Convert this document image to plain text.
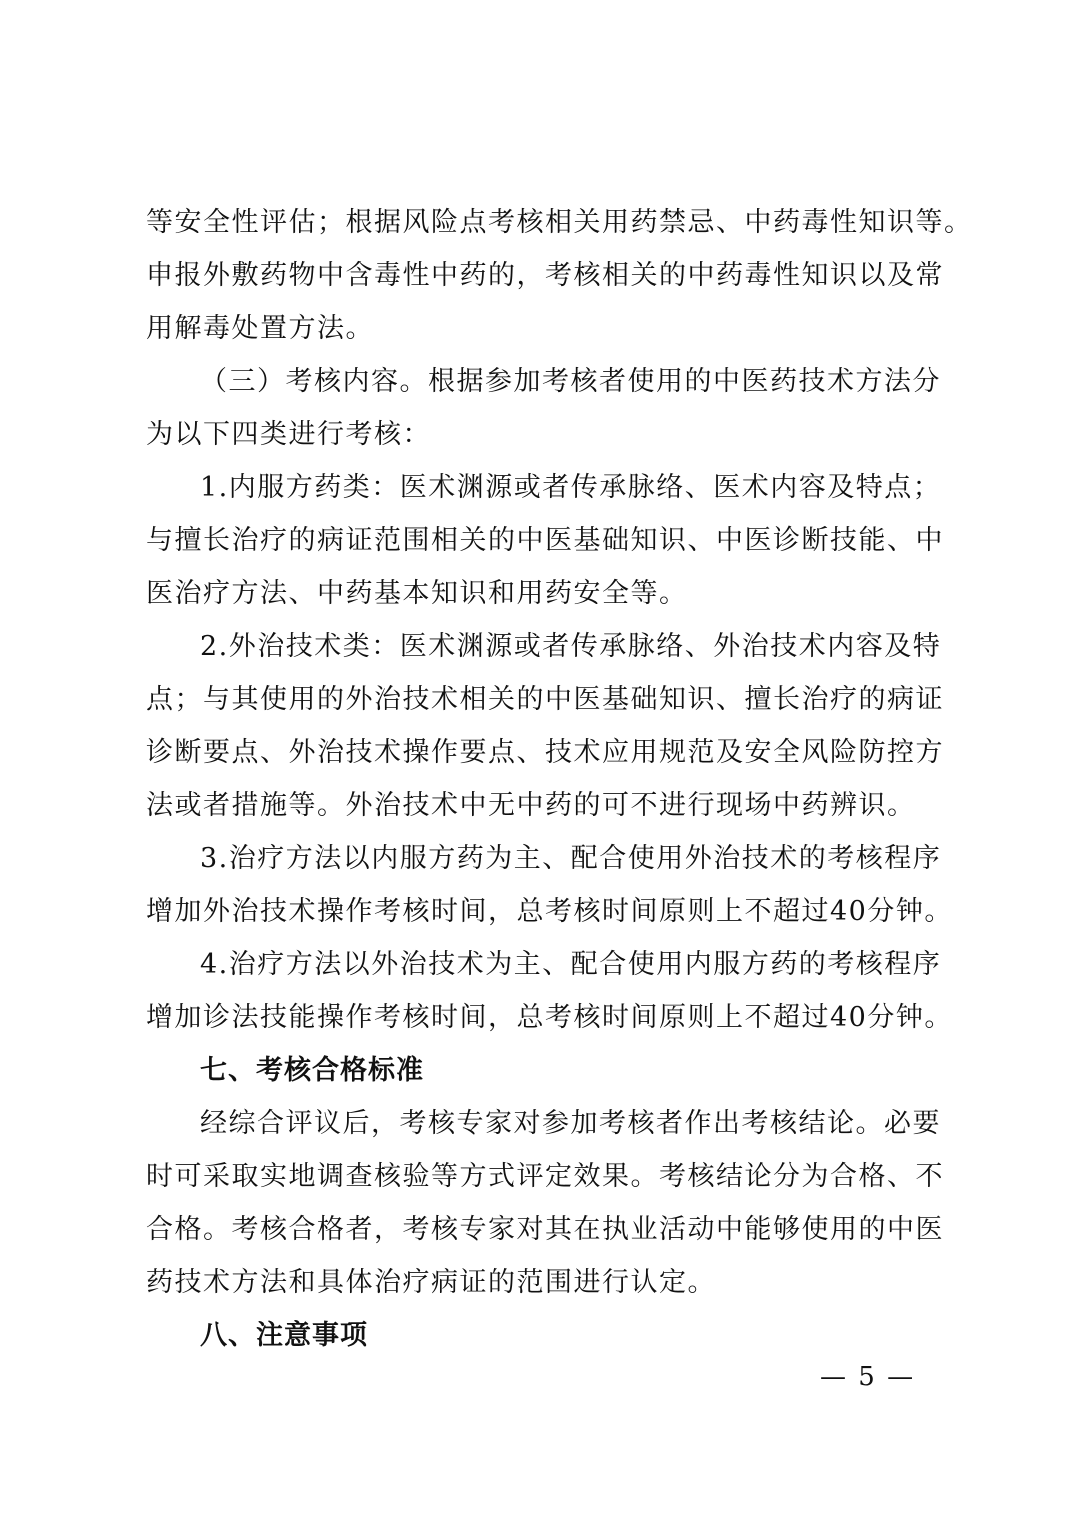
等安全性评估；根据风险点考核相关用药禁忌、中药毒性知识等。
申报外敷药物中含毒性中药的，考核相关的中药毒性知识以及常
用解毒处置方法。

（三）考核内容。根据参加考核者使用的中医药技术方法分
为以下四类进行考核：

1.内服方药类：医术渊源或者传承脉络、医术内容及特点；
与擅长治疗的病证范围相关的中医基础知识、中医诊断技能、中
医治疗方法、中药基本知识和用药安全等。

2.外治技术类：医术渊源或者传承脉络、外治技术内容及特
点；与其使用的外治技术相关的中医基础知识、擅长治疗的病证
诊断要点、外治技术操作要点、技术应用规范及安全风险防控方
法或者措施等。外治技术中无中药的可不进行现场中药辨识。

3.治疗方法以内服方药为主、配合使用外治技术的考核程序
增加外治技术操作考核时间，总考核时间原则上不超过40分钟。

4.治疗方法以外治技术为主、配合使用内服方药的考核程序
增加诊法技能操作考核时间，总考核时间原则上不超过40分钟。

七、考核合格标准

经综合评议后，考核专家对参加考核者作出考核结论。必要
时可采取实地调查核验等方式评定效果。考核结论分为合格、不
合格。考核合格者，考核专家对其在执业活动中能够使用的中医
药技术方法和具体治疗病证的范围进行认定。

八、注意事项
— 5 —
